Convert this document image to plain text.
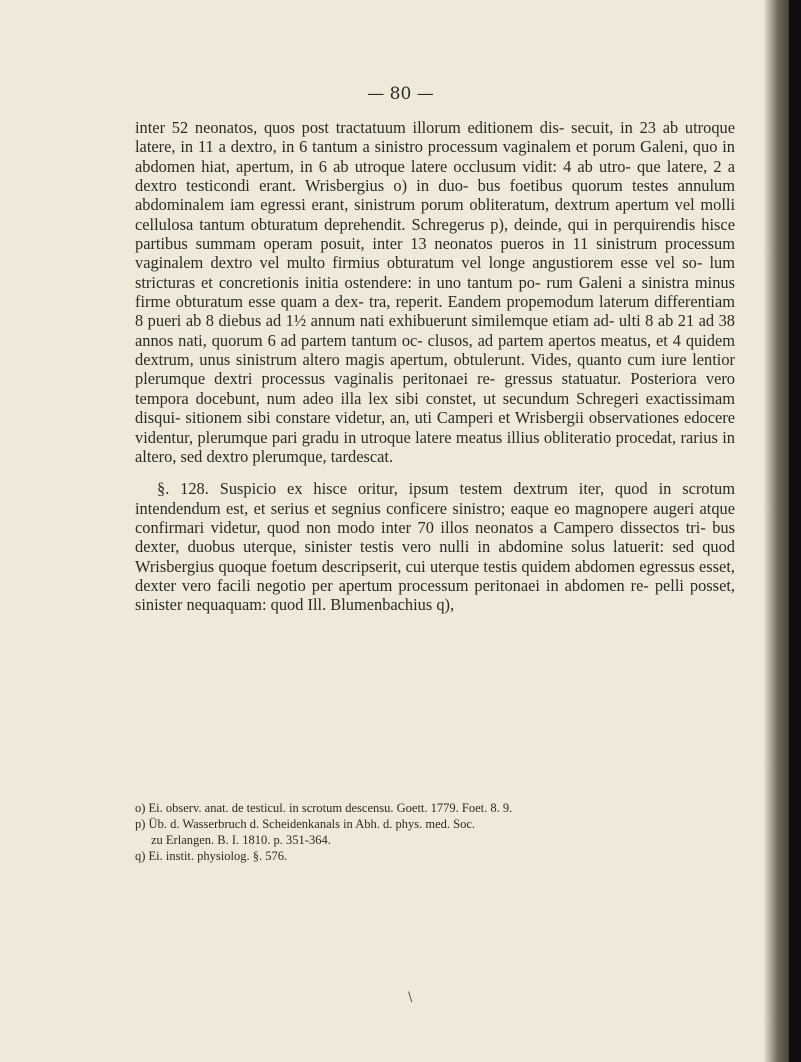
— 80 —

inter 52 neonatos, quos post tractatuum illorum editionem dis- secuit, in 23 ab utroque latere, in 11 a dextro, in 6 tantum a sinistro processum vaginalem et porum Galeni, quo in abdomen hiat, apertum, in 6 ab utroque latere occlusum vidit: 4 ab utro- que latere, 2 a dextro testicondi erant. Wrisbergius o) in duo- bus foetibus quorum testes annulum abdominalem iam egressi erant, sinistrum porum obliteratum, dextrum apertum vel molli cellulosa tantum obturatum deprehendit. Schregerus p), deinde, qui in perquirendis hisce partibus summam operam posuit, inter 13 neonatos pueros in 11 sinistrum processum vaginalem dextro vel multo firmius obturatum vel longe angustiorem esse vel so- lum stricturas et concretionis initia ostendere: in uno tantum po- rum Galeni a sinistra minus firme obturatum esse quam a dex- tra, reperit. Eandem propemodum laterum differentiam 8 pueri ab 8 diebus ad 1½ annum nati exhibuerunt similemque etiam ad- ulti 8 ab 21 ad 38 annos nati, quorum 6 ad partem tantum oc- clusos, ad partem apertos meatus, et 4 quidem dextrum, unus sinistrum altero magis apertum, obtulerunt. Vides, quanto cum iure lentior plerumque dextri processus vaginalis peritonaei re- gressus statuatur. Posteriora vero tempora docebunt, num adeo illa lex sibi constet, ut secundum Schregeri exactissimam disqui- sitionem sibi constare videtur, an, uti Camperi et Wrisbergii observationes edocere videntur, plerumque pari gradu in utroque latere meatus illius obliteratio procedat, rarius in altero, sed dextro plerumque, tardescat.

§. 128. Suspicio ex hisce oritur, ipsum testem dextrum iter, quod in scrotum intendendum est, et serius et segnius conficere sinistro; eaque eo magnopere augeri atque confirmari videtur, quod non modo inter 70 illos neonatos a Campero dissectos tri- bus dexter, duobus uterque, sinister testis vero nulli in abdomine solus latuerit: sed quod Wrisbergius quoque foetum descripserit, cui uterque testis quidem abdomen egressus esset, dexter vero facili negotio per apertum processum peritonaei in abdomen re- pelli posset, sinister nequaquam: quod Ill. Blumenbachius q),

o) Ei. observ. anat. de testicul. in scrotum descensu. Goett. 1779. Foet. 8. 9.
p) Üb. d. Wasserbruch d. Scheidenkanals in Abh. d. phys. med. Soc.
zu Erlangen. B. I. 1810. p. 351-364.
q) Ei. instit. physiolog. §. 576.
\
